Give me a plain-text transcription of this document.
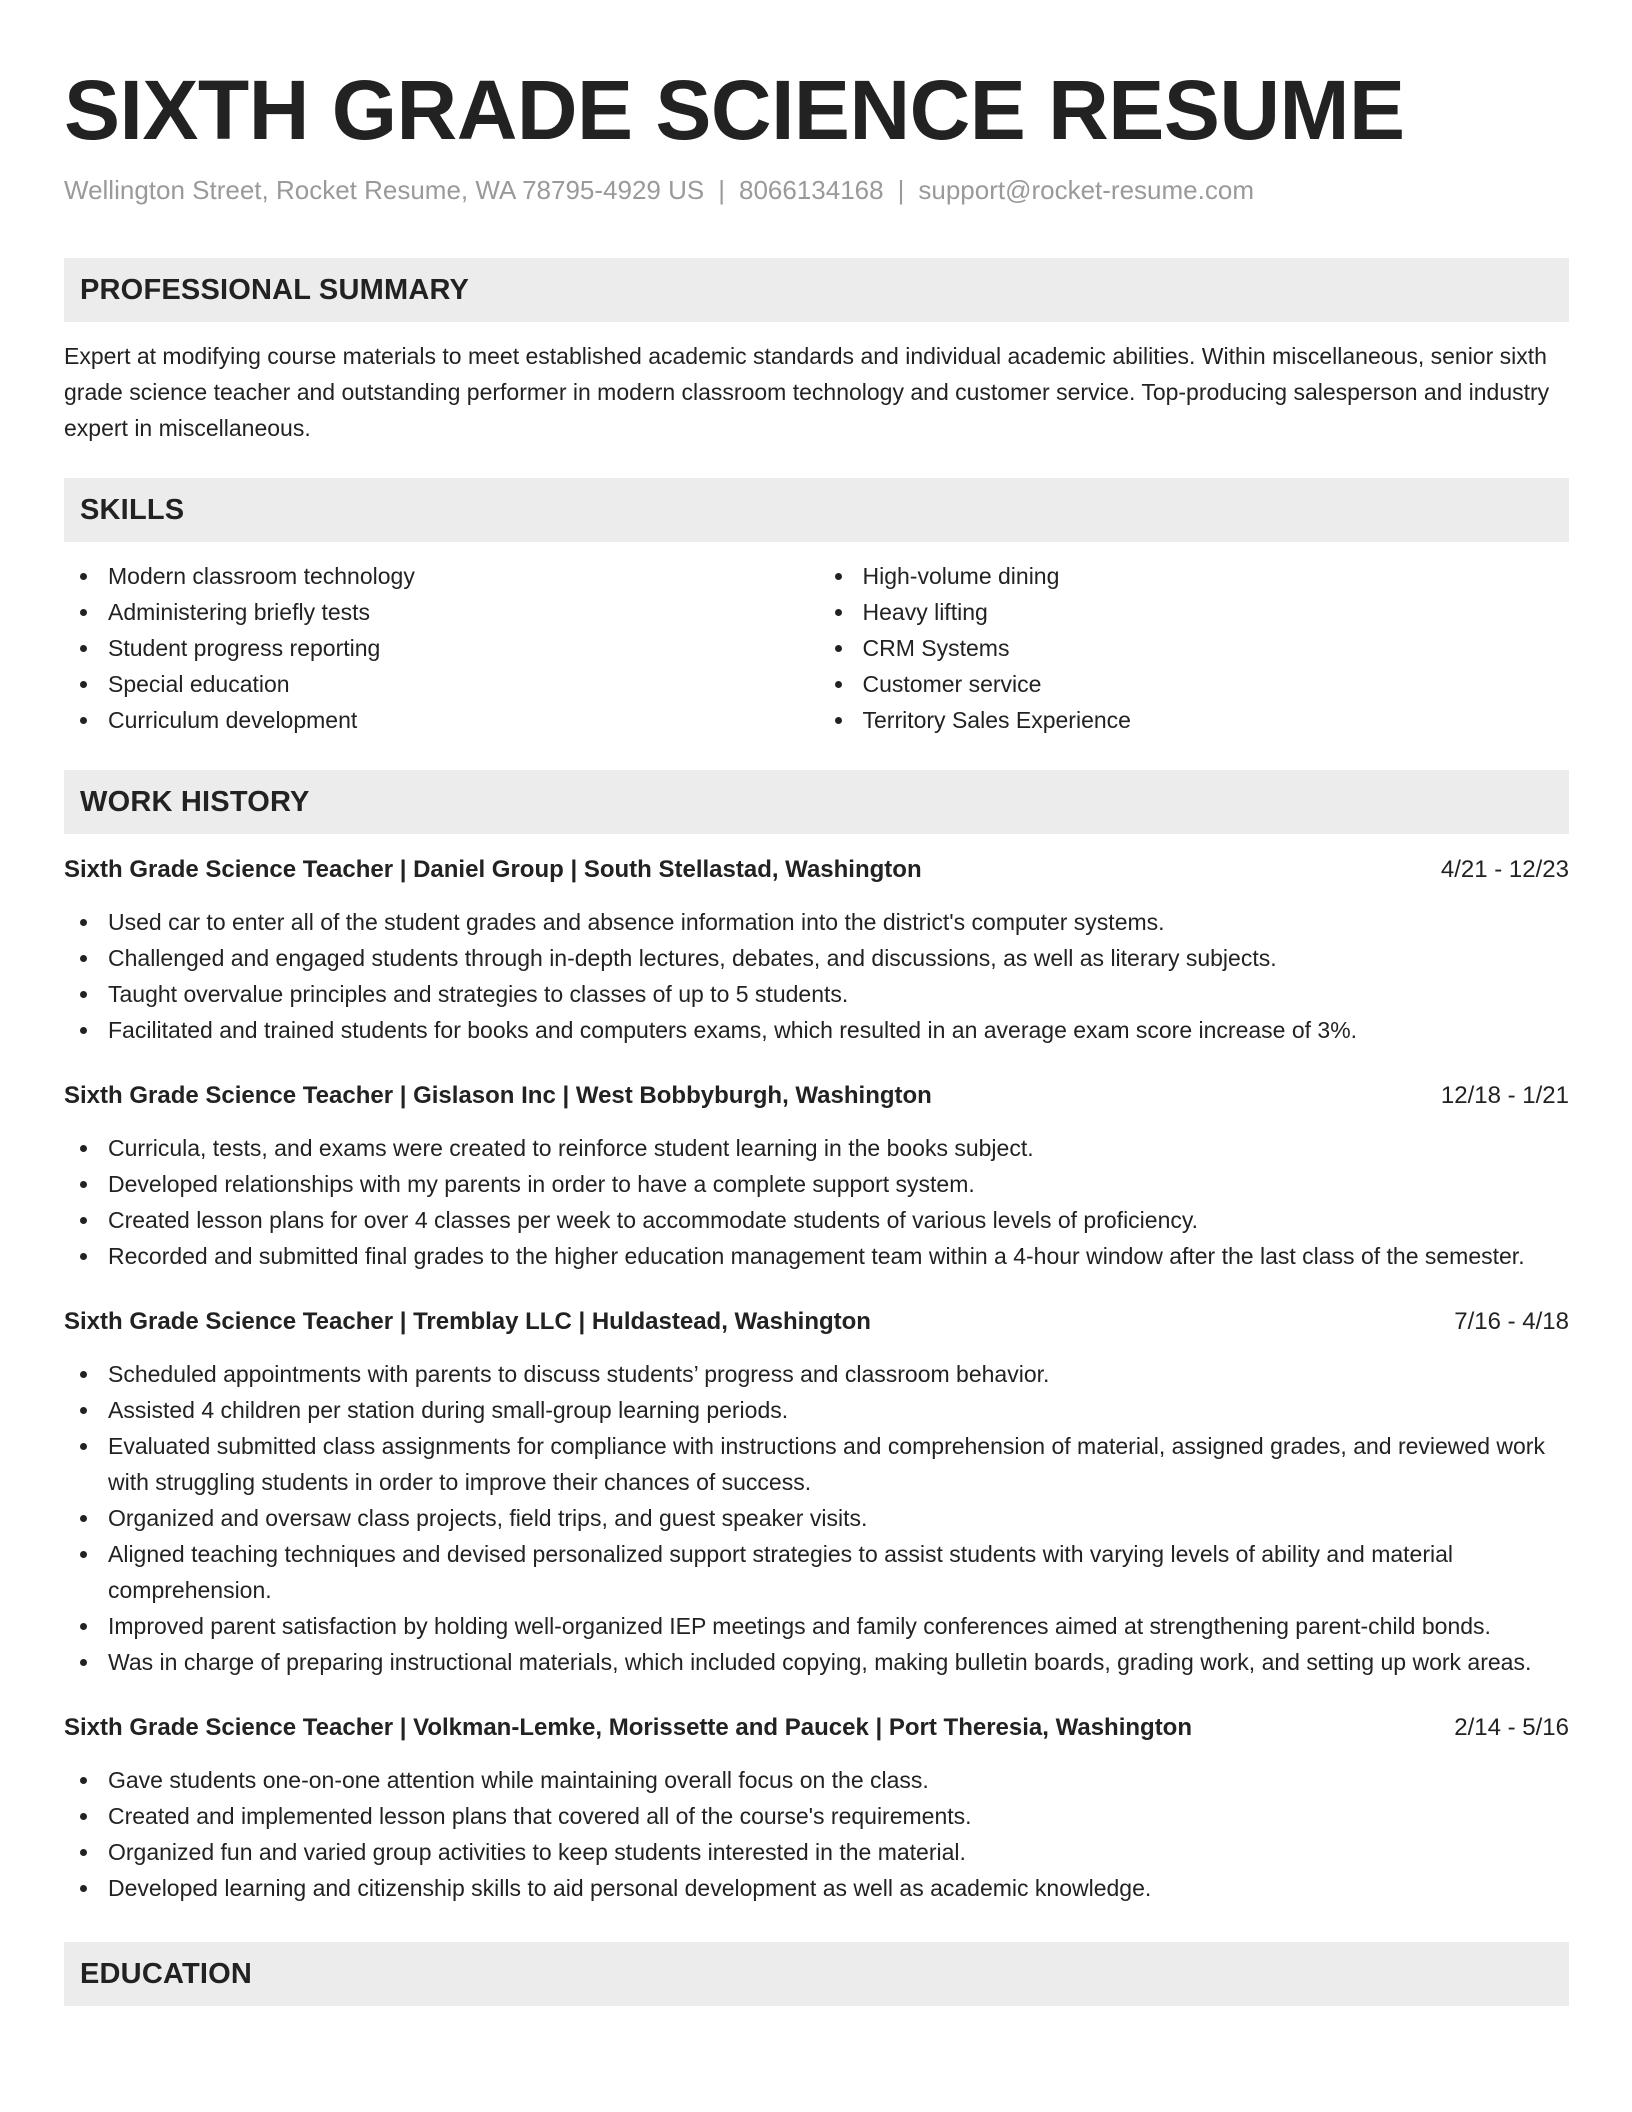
SIXTH GRADE SCIENCE RESUME
Wellington Street, Rocket Resume, WA 78795-4929 US | 8066134168 | support@rocket-resume.com
PROFESSIONAL SUMMARY

Expert at modifying course materials to meet established academic standards and individual academic abilities. Within miscellaneous, senior sixth grade science teacher and outstanding performer in modern classroom technology and customer service. Top-producing salesperson and industry expert in miscellaneous.

SKILLS
Modern classroom technology
Administering briefly tests
Student progress reporting
Special education
Curriculum development
High-volume dining
Heavy lifting
CRM Systems
Customer service
Territory Sales Experience
WORK HISTORY
Sixth Grade Science Teacher | Daniel Group | South Stellastad, Washington	4/21 - 12/23
Used car to enter all of the student grades and absence information into the district's computer systems.
Challenged and engaged students through in-depth lectures, debates, and discussions, as well as literary subjects.
Taught overvalue principles and strategies to classes of up to 5 students.
Facilitated and trained students for books and computers exams, which resulted in an average exam score increase of 3%.
Sixth Grade Science Teacher | Gislason Inc | West Bobbyburgh, Washington	12/18 - 1/21
Curricula, tests, and exams were created to reinforce student learning in the books subject.
Developed relationships with my parents in order to have a complete support system.
Created lesson plans for over 4 classes per week to accommodate students of various levels of proficiency.
Recorded and submitted final grades to the higher education management team within a 4-hour window after the last class of the semester.
Sixth Grade Science Teacher | Tremblay LLC | Huldastead, Washington	7/16 - 4/18
Scheduled appointments with parents to discuss students’ progress and classroom behavior.
Assisted 4 children per station during small-group learning periods.
Evaluated submitted class assignments for compliance with instructions and comprehension of material, assigned grades, and reviewed work with struggling students in order to improve their chances of success.
Organized and oversaw class projects, field trips, and guest speaker visits.
Aligned teaching techniques and devised personalized support strategies to assist students with varying levels of ability and material comprehension.
Improved parent satisfaction by holding well-organized IEP meetings and family conferences aimed at strengthening parent-child bonds.
Was in charge of preparing instructional materials, which included copying, making bulletin boards, grading work, and setting up work areas.
Sixth Grade Science Teacher | Volkman-Lemke, Morissette and Paucek | Port Theresia, Washington	2/14 - 5/16
Gave students one-on-one attention while maintaining overall focus on the class.
Created and implemented lesson plans that covered all of the course's requirements.
Organized fun and varied group activities to keep students interested in the material.
Developed learning and citizenship skills to aid personal development as well as academic knowledge.
EDUCATION
